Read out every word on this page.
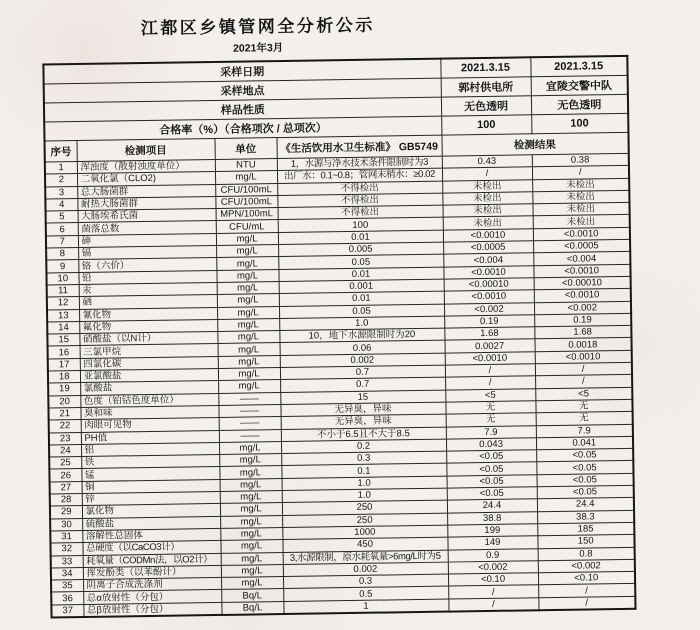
江都区乡镇管网全分析公示
2021年3月
采样日期				2021.3.15	2021.3.15
采样地点				郭村供电所	宜陵交警中队
样品性质				无色透明	无色透明
合格率（%）（合格项次 / 总项次）				100	100
序号	检测项目	单位	《生活饮用水卫生标准》 GB5749	检测结果	
1	浑浊度（散射浊度单位）	NTU	1，水源与净水技术条件限制时为3	0.43	0.38
2	二氧化氯（CLO2)	mg/L	出厂水：0.1~0.8；管网末梢水：≥0.02	/	/
3	总大肠菌群	CFU/100mL	不得检出	未检出	未检出
4	耐热大肠菌群	CFU/100mL	不得检出	未检出	未检出
5	大肠埃希氏菌	MPN/100mL	不得检出	未检出	未检出
6	菌落总数	CFU/mL	100	未检出	未检出
7	砷	mg/L	0.01	<0.0010	<0.0010
8	镉	mg/L	0.005	<0.0005	<0.0005
9	铬（六价）	mg/L	0.05	<0.004	<0.004
10	铅	mg/L	0.01	<0.0010	<0.0010
11	汞	mg/L	0.001	<0.00010	<0.00010
12	硒	mg/L	0.01	<0.0010	<0.0010
13	氰化物	mg/L	0.05	<0.002	<0.002
14	氟化物	mg/L	1.0	0.19	0.19
15	硝酸盐（以N计）	mg/L	10，地下水源限制时为20	1.68	1.68
16	三氯甲烷	mg/L	0.06	0.0027	0.0018
17	四氯化碳	mg/L	0.002	<0.0010	<0.0010
18	亚氯酸盐	mg/L	0.7	/	/
19	氯酸盐	mg/L	0.7	/	/
20	色度（铂钴色度单位）	——	15	<5	<5
21	臭和味	——	无异臭，异味	无	无
22	肉眼可见物	——	无异臭，异味	无	无
23	PH值	——	不小于6.5且不大于8.5	7.9	7.9
24	铝	mg/L	0.2	0.043	0.041
25	铁	mg/L	0.3	<0.05	<0.05
26	锰	mg/L	0.1	<0.05	<0.05
27	铜	mg/L	1.0	<0.05	<0.05
28	锌	mg/L	1.0	<0.05	<0.05
29	氯化物	mg/L	250	24.4	24.4
30	硫酸盐	mg/L	250	38.8	38.3
31	溶解性总固体	mg/L	1000	199	185
32	总硬度（以CaCO3计）	mg/L	450	149	150
33	耗氧量（CODMn法，以O2计）	mg/L	3,水源限制，原水耗氧量>6mg/L时为5	0.9	0.8
34	挥发酚类（以苯酚计）	mg/L	0.002	<0.002	<0.002
35	阴离子合成洗涤剂	mg/L	0.3	<0.10	<0.10
36	总α放射性（分包）	Bq/L	0.5	/	/
37	总β放射性（分包）	Bq/L	1	/	/
